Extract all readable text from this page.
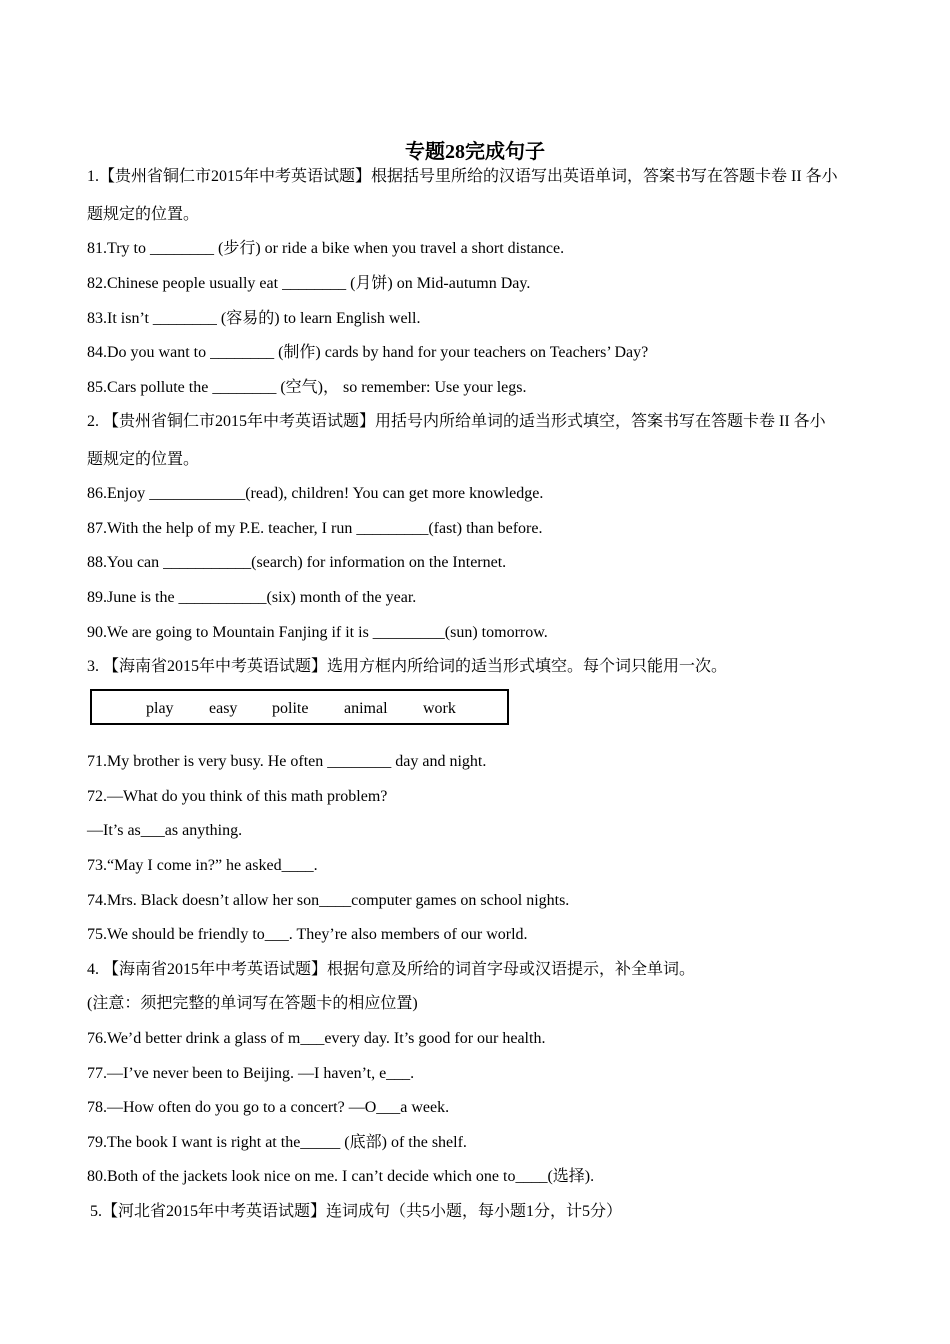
专题28完成句子
1.【贵州省铜仁市2015年中考英语试题】根据括号里所给的汉语写出英语单词，答案书写在答题卡卷 II 各小
题规定的位置。
81.Try to ________ (步行) or ride a bike when you travel a short distance.
82.Chinese people usually eat ________ (月饼) on Mid-autumn Day.
83.It isn’t ________ (容易的) to learn English well.
84.Do you want to ________ (制作) cards by hand for your teachers on Teachers’ Day?
85.Cars pollute the ________ (空气)， so remember: Use your legs.
2. 【贵州省铜仁市2015年中考英语试题】用括号内所给单词的适当形式填空，答案书写在答题卡卷 II 各小
题规定的位置。
86.Enjoy ____________(read), children! You can get more knowledge.
87.With the help of my P.E. teacher, I run _________(fast) than before.
88.You can ___________(search) for information on the Internet.
89.June is the ___________(six) month of the year.
90.We are going to Mountain Fanjing if it is _________(sun) tomorrow.
3. 【海南省2015年中考英语试题】选用方框内所给词的适当形式填空。每个词只能用一次。
play easy polite animal work
71.My brother is very busy. He often ________ day and night.
72.—What do you think of this math problem?
—It’s as___as anything.
73.“May I come in?” he asked____.
74.Mrs. Black doesn’t allow her son____computer games on school nights.
75.We should be friendly to___. They’re also members of our world.
4. 【海南省2015年中考英语试题】根据句意及所给的词首字母或汉语提示，补全单词。
(注意：须把完整的单词写在答题卡的相应位置)
76.We’d better drink a glass of m___every day. It’s good for our health.
77.—I’ve never been to Beijing. —I haven’t, e___.
78.—How often do you go to a concert? —O___a week.
79.The book I want is right at the_____ (底部) of the shelf.
80.Both of the jackets look nice on me. I can’t decide which one to____(选择).
5.【河北省2015年中考英语试题】连词成句（共5小题，每小题1分，计5分）
